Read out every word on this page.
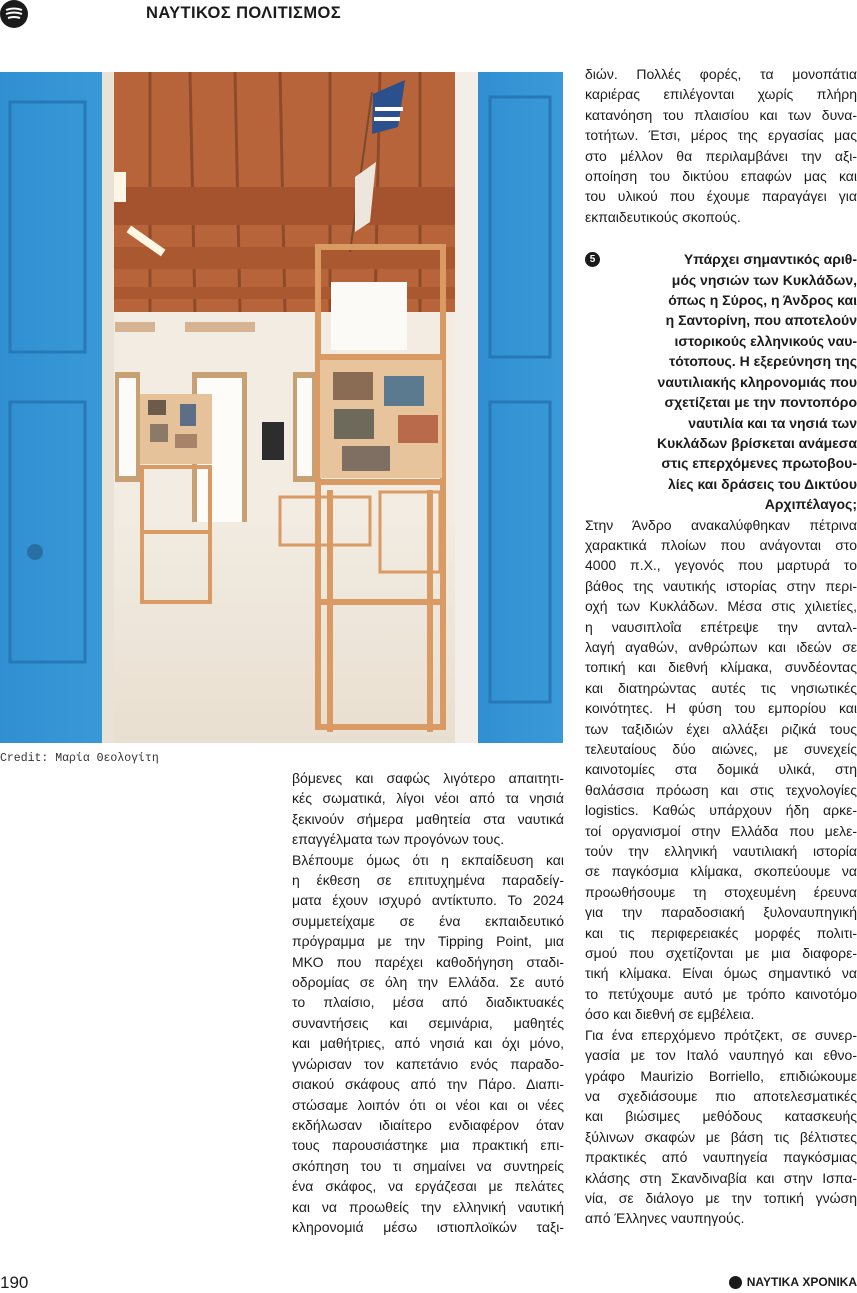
ΝΑΥΤΙΚΟΣ ΠΟΛΙΤΙΣΜΟΣ
Credit: Μαρία Θεολογίτη

βόμενες και σαφώς λιγότερο απαιτητι-
κές σωματικά, λίγοι νέοι από τα νησιά
ξεκινούν σήμερα μαθητεία στα ναυτικά
επαγγέλματα των προγόνων τους.

Βλέπουμε όμως ότι η εκπαίδευση και
η έκθεση σε επιτυχημένα παραδείγ-
ματα έχουν ισχυρό αντίκτυπο. Το 2024
συμμετείχαμε σε ένα εκπαιδευτικό
πρόγραμμα με την Tipping Point, μια
ΜΚΟ που παρέχει καθοδήγηση σταδι-
οδρομίας σε όλη την Ελλάδα. Σε αυτό
το πλαίσιο, μέσα από διαδικτυακές
συναντήσεις και σεμινάρια, μαθητές
και μαθήτριες, από νησιά και όχι μόνο,
γνώρισαν τον καπετάνιο ενός παραδο-
σιακού σκάφους από την Πάρο. Διαπι-
στώσαμε λοιπόν ότι οι νέοι και οι νέες
εκδήλωσαν ιδιαίτερο ενδιαφέρον όταν
τους παρουσιάστηκε μια πρακτική επι-
σκόπηση του τι σημαίνει να συντηρείς
ένα σκάφος, να εργάζεσαι με πελάτες
και να προωθείς την ελληνική ναυτική
κληρονομιά μέσω ιστιοπλοϊκών ταξι-

διών. Πολλές φορές, τα μονοπάτια
καριέρας επιλέγονται χωρίς πλήρη
κατανόηση του πλαισίου και των δυνα-
τοτήτων. Έτσι, μέρος της εργασίας μας
στο μέλλον θα περιλαμβάνει την αξι-
οποίηση του δικτύου επαφών μας και
του υλικού που έχουμε παραγάγει για
εκπαιδευτικούς σκοπούς.

5	Υπάρχει σημαντικός αριθ-
μός νησιών των Κυκλάδων,
όπως η Σύρος, η Άνδρος και
η Σαντορίνη, που αποτελούν
ιστορικούς ελληνικούς ναυ-
τότοπους. Η εξερεύνηση της
ναυτιλιακής κληρονομιάς που
σχετίζεται με την ποντοπόρο
ναυτιλία και τα νησιά των
Κυκλάδων βρίσκεται ανάμεσα
στις επερχόμενες πρωτοβου-
λίες και δράσεις του Δικτύου
Αρχιπέλαγος;

Στην Άνδρο ανακαλύφθηκαν πέτρινα
χαρακτικά πλοίων που ανάγονται στο
4000 π.Χ., γεγονός που μαρτυρά το
βάθος της ναυτικής ιστορίας στην περι-
οχή των Κυκλάδων. Μέσα στις χιλιετίες,
η ναυσιπλοΐα επέτρεψε την ανταλ-
λαγή αγαθών, ανθρώπων και ιδεών σε
τοπική και διεθνή κλίμακα, συνδέοντας
και διατηρώντας αυτές τις νησιωτικές
κοινότητες. Η φύση του εμπορίου και
των ταξιδιών έχει αλλάξει ριζικά τους
τελευταίους δύο αιώνες, με συνεχείς
καινοτομίες στα δομικά υλικά, στη
θαλάσσια πρόωση και στις τεχνολογίες
logistics. Καθώς υπάρχουν ήδη αρκε-
τοί οργανισμοί στην Ελλάδα που μελε-
τούν την ελληνική ναυτιλιακή ιστορία
σε παγκόσμια κλίμακα, σκοπεύουμε να
προωθήσουμε τη στοχευμένη έρευνα
για την παραδοσιακή ξυλοναυπηγική
και τις περιφερειακές μορφές πολιτι-
σμού που σχετίζονται με μια διαφορε-
τική κλίμακα. Είναι όμως σημαντικό να
το πετύχουμε αυτό με τρόπο καινοτόμο
όσο και διεθνή σε εμβέλεια.

Για ένα επερχόμενο πρότζεκτ, σε συνερ-
γασία με τον Ιταλό ναυπηγό και εθνο-
γράφο Maurizio Borriello, επιδιώκουμε
να σχεδιάσουμε πιο αποτελεσματικές
και βιώσιμες μεθόδους κατασκευής
ξύλινων σκαφών με βάση τις βέλτιστες
πρακτικές από ναυπηγεία παγκόσμιας
κλάσης στη Σκανδιναβία και στην Ισπα-
νία, σε διάλογο με την τοπική γνώση
από Έλληνες ναυπηγούς.

190	ΝΑΥΤΙΚΑ ΧΡΟΝΙΚΑ
